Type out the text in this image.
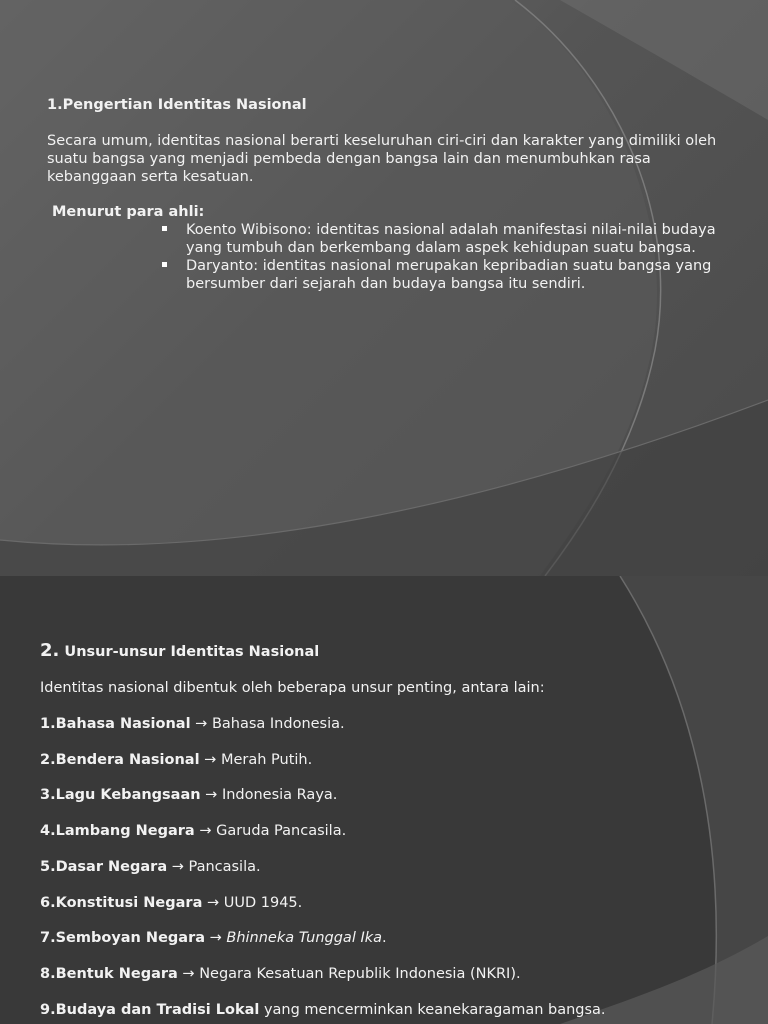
1.Pengertian Identitas Nasional
Secara umum, identitas nasional berarti keseluruhan ciri-ciri dan karakter yang dimiliki oleh suatu bangsa yang menjadi pembeda dengan bangsa lain dan menumbuhkan rasa kebanggaan serta kesatuan.
Menurut para ahli:
Koento Wibisono: identitas nasional adalah manifestasi nilai-nilai budaya yang tumbuh dan berkembang dalam aspek kehidupan suatu bangsa.
Daryanto: identitas nasional merupakan kepribadian suatu bangsa yang bersumber dari sejarah dan budaya bangsa itu sendiri.
2. Unsur-unsur Identitas Nasional
Identitas nasional dibentuk oleh beberapa unsur penting, antara lain:
1.Bahasa Nasional → Bahasa Indonesia.
2.Bendera Nasional → Merah Putih.
3.Lagu Kebangsaan → Indonesia Raya.
4.Lambang Negara → Garuda Pancasila.
5.Dasar Negara → Pancasila.
6.Konstitusi Negara → UUD 1945.
7.Semboyan Negara → Bhinneka Tunggal Ika.
8.Bentuk Negara → Negara Kesatuan Republik Indonesia (NKRI).
9.Budaya dan Tradisi Lokal yang mencerminkan keanekaragaman bangsa.
